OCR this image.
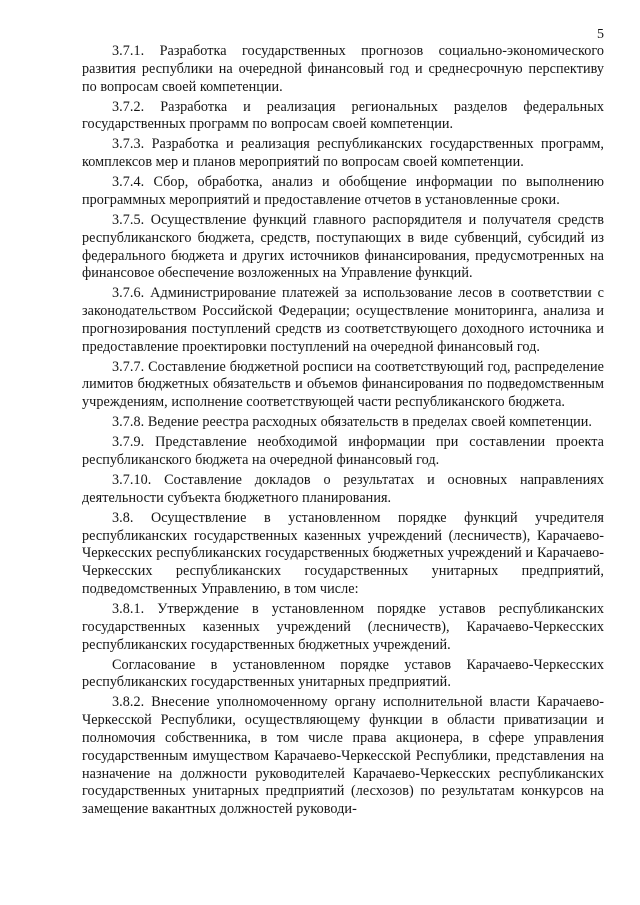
5

3.7.1. Разработка государственных прогнозов социально-экономического развития республики на очередной финансовый год и среднесрочную перспективу по вопросам своей компетенции.

3.7.2. Разработка и реализация региональных разделов федеральных государственных программ по вопросам своей компетенции.

3.7.3. Разработка и реализация республиканских государственных программ, комплексов мер и планов мероприятий по вопросам своей компетенции.

3.7.4. Сбор, обработка, анализ и обобщение информации по выполнению программных мероприятий и предоставление отчетов в установленные сроки.

3.7.5. Осуществление функций главного распорядителя и получателя средств республиканского бюджета, средств, поступающих в виде субвенций, субсидий из федерального бюджета и других источников финансирования, предусмотренных на финансовое обеспечение возложенных на Управление функций.

3.7.6. Администрирование платежей за использование лесов в соответствии с законодательством Российской Федерации; осуществление мониторинга, анализа и прогнозирования поступлений средств из соответствующего доходного источника и предоставление проектировки поступлений на очередной финансовый год.

3.7.7. Составление бюджетной росписи на соответствующий год, распределение лимитов бюджетных обязательств и объемов финансирования по подведомственным учреждениям, исполнение соответствующей части республиканского бюджета.

3.7.8. Ведение реестра расходных обязательств в пределах своей компетенции.

3.7.9. Представление необходимой информации при составлении проекта республиканского бюджета на очередной финансовый год.

3.7.10. Составление докладов о результатах и основных направлениях деятельности субъекта бюджетного планирования.

3.8. Осуществление в установленном порядке функций учредителя республиканских государственных казенных учреждений (лесничеств), Карачаево-Черкесских республиканских государственных бюджетных учреждений и Карачаево-Черкесских республиканских государственных унитарных предприятий, подведомственных Управлению, в том числе:

3.8.1. Утверждение в установленном порядке уставов республиканских государственных казенных учреждений (лесничеств), Карачаево-Черкесских республиканских государственных бюджетных учреждений.

Согласование в установленном порядке уставов Карачаево-Черкесских республиканских государственных унитарных предприятий.

3.8.2. Внесение уполномоченному органу исполнительной власти Карачаево-Черкесской Республики, осуществляющему функции в области приватизации и полномочия собственника, в том числе права акционера, в сфере управления государственным имуществом Карачаево-Черкесской Республики, представления на назначение на должности руководителей Карачаево-Черкесских республиканских государственных унитарных предприятий (лесхозов) по результатам конкурсов на замещение вакантных должностей руководи-
